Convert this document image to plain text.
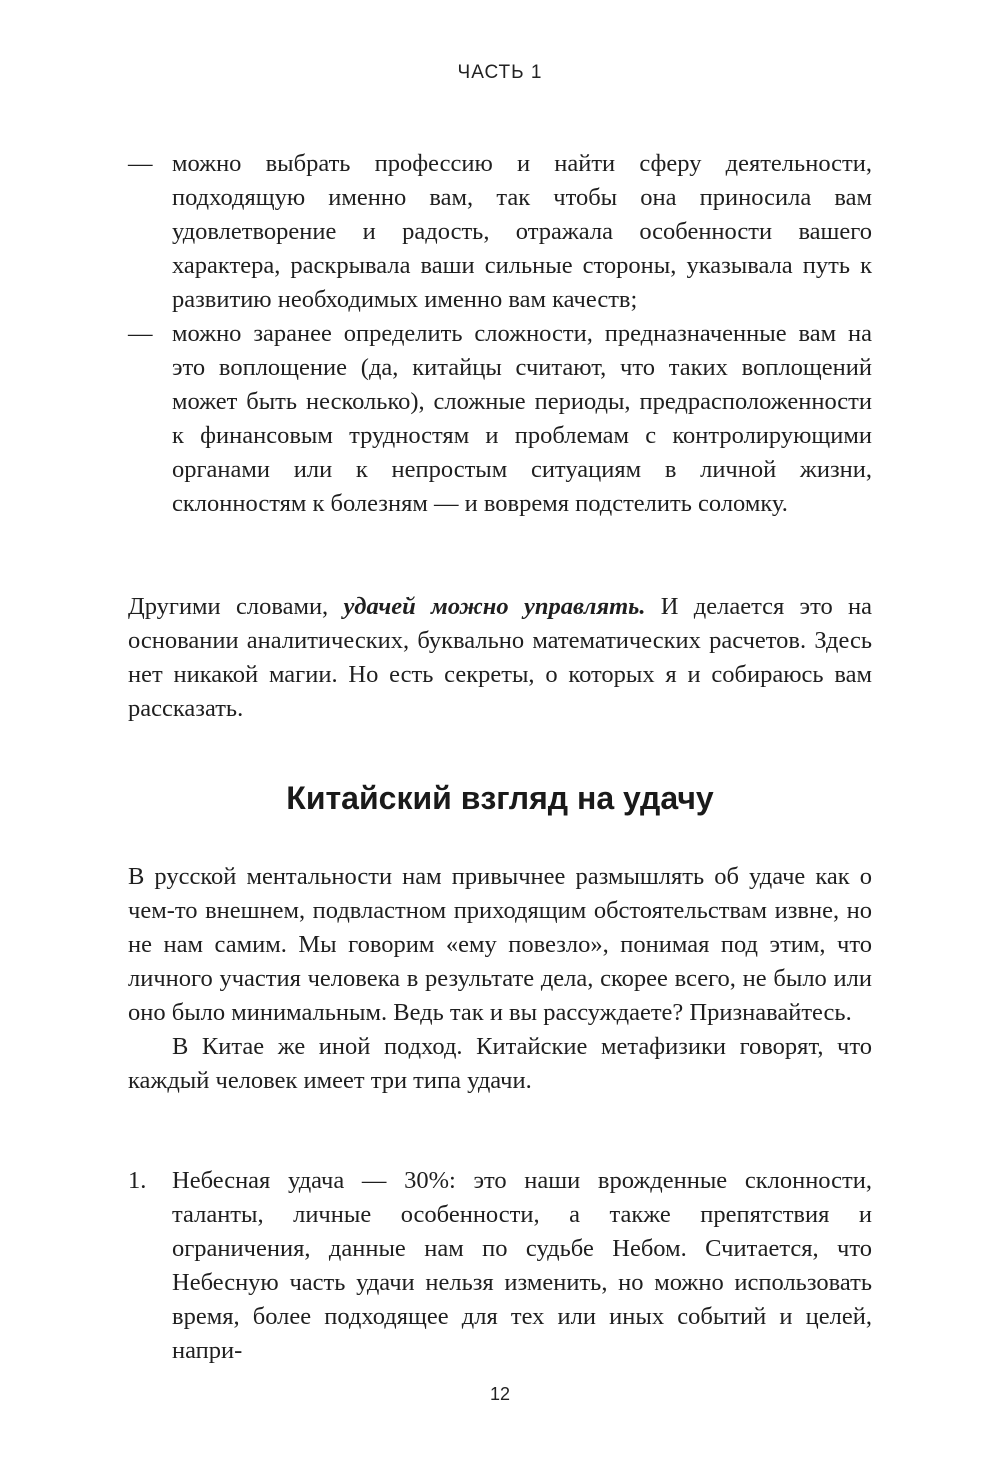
ЧАСТЬ 1
— можно выбрать профессию и найти сферу деятельности, подходящую именно вам, так чтобы она приносила вам удовлетворение и радость, отражала особенности вашего характера, раскрывала ваши сильные стороны, указывала путь к развитию необходимых именно вам качеств;
— можно заранее определить сложности, предназначенные вам на это воплощение (да, китайцы считают, что таких воплощений может быть несколько), сложные периоды, предрасположенности к финансовым трудностям и проблемам с контролирующими органами или к непростым ситуациям в личной жизни, склонностям к болезням — и вовремя подстелить соломку.

Другими словами, удачей можно управлять. И делается это на основании аналитических, буквально математических расчетов. Здесь нет никакой магии. Но есть секреты, о которых я и собираюсь вам рассказать.

Китайский взгляд на удачу

В русской ментальности нам привычнее размышлять об удаче как о чем-то внешнем, подвластном приходящим обстоятельствам извне, но не нам самим. Мы говорим «ему повезло», понимая под этим, что личного участия человека в результате дела, скорее всего, не было или оно было минимальным. Ведь так и вы рассуждаете? Признавайтесь.

В Китае же иной подход. Китайские метафизики говорят, что каждый человек имеет три типа удачи.

1. Небесная удача — 30%: это наши врожденные склонности, таланты, личные особенности, а также препятствия и ограничения, данные нам по судьбе Небом. Считается, что Небесную часть удачи нельзя изменить, но можно использовать время, более подходящее для тех или иных событий и целей, напри-
12
